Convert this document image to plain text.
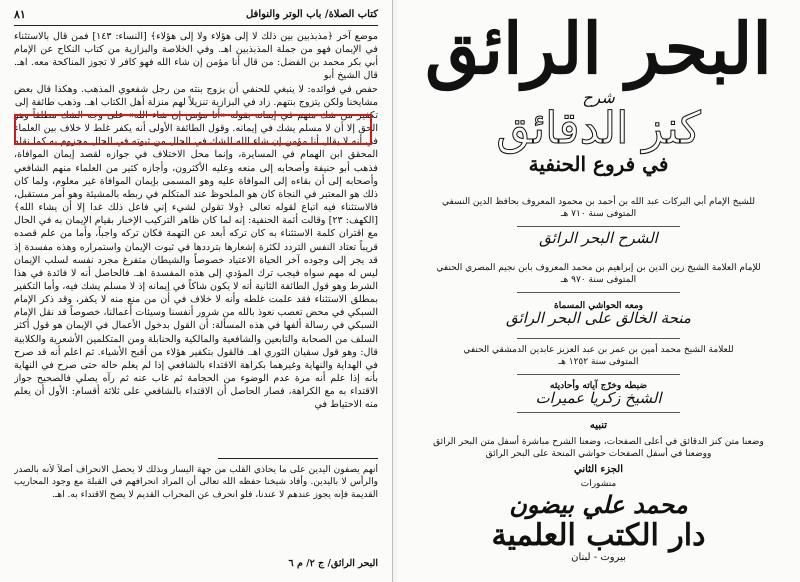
كتاب الصلاة/ باب الوتر والنوافل
٨١

موضع آخر ﴿مذبذبين بين ذلك لا إلى هؤلاء ولا إلى هؤلاء﴾ [النساء: ١٤٣] فمن قال بالاستثناء في الإيمان فهو من جملة المذبذبين اهـ. وفي الخلاصة والبزازية من كتاب النكاح عن الإمام أبي بكر محمد بن الفضل: من قال أنا مؤمن إن شاء الله فهو كافر لا تجوز المناكحة معه. اهـ. قال الشيخ أبو

حفص في فوائده: لا ينبغي للحنفي أن يزوج بنته من رجل شفعوي المذهب. وهكذا قال بعض مشايخنا ولكن يتزوج بنتهم. زاد في البزازية تنزيلاً لهم منزلة أهل الكتاب اهـ. وذهب طائفة إلى

تكفير من شك منهم في إيمانه بقوله «أنا مؤمن إن شاء الله» على وجه الشك مطلقاً وهو الحق إلا أن لا مسلم يشك في إيمانه. وقول الطائفة الأولى أنه يكفر غلط لا خلاف بين العلماء في أنه لا يقال أنا مؤمن إن شاء الله للشك في الحال من ثبوته في الحال مجزوم به كما نقله المحقق ابن الهمام في المسايرة، وإنما محل الاختلاف في جوازه لقصد إيمان الموافاة، فذهب أبو حنيفة وأصحابه إلى منعه وعليه الأكثرون، وأجازه كثير من العلماء منهم الشافعي وأصحابه إلى أن بقاءه إلى الموافاة عليه وهو المسمى بإيمان الموافاة غير معلوم، ولما كان ذلك هو المعتبر في النجاة كان هو الملحوظ عند المتكلم في ربطه بالمشيئة وهو أمر مستقبل، فالاستثناء فيه اتباع لقوله تعالى ﴿ولا تقولن لشيء إني فاعل ذلك غدا إلا أن يشاء الله﴾ [الكهف: ٢٣] وقالت أئمة الحنفية: إنه لما كان ظاهر التركيب الإخبار بقيام الإيمان به في الحال مع اقتران كلمة الاستثناء به كان تركه أبعد عن التهمة فكان تركه واجباً، وأما من علم قصده قريباً تعتاد النفس التردد لكثرة إشعارها بترددها في ثبوت الإيمان واستمراره وهذه مفسدة إذ قد يجر إلى وجوده آخر الحياة الاعتياد خصوصاً والشيطان متفرغ مجرد نفسه لسلب الإيمان ليس له مهم سواه فيجب ترك المؤدي إلى هذه المفسدة اهـ. فالحاصل أنه لا فائدة في هذا الشرط وهو قول الطائفة الثانية أنه لا يكون شاكاً في إيمانه إذ لا مسلم يشك فيه، وأما التكفير بمطلق الاستثناء فقد علمت غلطه وأنه لا خلاف في أن من منع منه لا يكفر، وقد ذكر الإمام السبكي في محض تعصب نعوذ بالله من شرور أنفسنا وسيئات أعمالنا، خصوصاً قد نقل الإمام السبكي في رسالة ألفها في هذه المسألة: أن القول بدخول الأعمال في الإيمان هو قول أكثر السلف من الصحابة والتابعين والشافعية والمالكية والحنابلة ومن المتكلمين الأشعرية والكلابية قال: وهو قول سفيان الثوري اهـ. فالقول بتكفير هؤلاء من أقبح الأشياء. ثم اعلم أنه قد صرح في الهداية والنهاية وغيرهما بكراهة الاقتداء بالشافعي إذا لم يعلم حاله حتى صرح في النهاية بأنه إذا علم أنه مرة عدم الوضوء من الحجامة ثم غاب عنه ثم رآه يصلي فالصحيح جواز الاقتداء به مع الكراهة، فصار الحاصل أن الاقتداء بالشافعي على ثلاثة أقسام: الأول أن يعلم منه الاحتياط في

أنهم يصفون اليدين على ما يحاذي القلب من جهة اليسار وبذلك لا يحصل الانحراف أصلاً لأنه بالصدر والرأس لا باليدين. وأفاد شيخنا حفظه الله تعالى أن المراد انحرافهم في القبلة مع وجود المحاريب القديمة فإنه يجوز عندهم لا عندنا، فلو انحرف عن المحراب القديم لا يصح الاقتداء به. اهـ.

البحر الرائق/ ج ٢/ م ٦
البحر الرائق
شرح
كنز الدقائق
في فروع الحنفية
للشيخ الإمام أبي البركات عبد الله بن أحمد بن محمود المعروف بحافظ الدين النسفي
المتوفى سنة ٧١٠ هـ
الشرح البحر الرائق
للإمام العلامة الشيخ زين الدين بن إبراهيم بن محمد المعروف بابن نجيم المصري الحنفي
المتوفى سنة ٩٧٠ هـ
ومعه الحواشي المسماة
منحة الخالق على البحر الرائق
للعلامة الشيخ محمد أمين بن عمر بن عبد العزيز عابدين الدمشقي الحنفي
المتوفى سنة ١٢٥٢ هـ
ضبطه وخرّج آياته وأحاديثه
الشيخ زكريا عميرات
تنبيه
وضعنا متن كنز الدقائق في أعلى الصفحات، وضعنا الشرح مباشرة أسفل متن البحر الرائق
ووضعنا في أسفل الصفحات حواشي المنحة على البحر الرائق
الجزء الثاني
منشورات
محمد علي بيضون
دار الكتب العلمية
بيروت - لبنان
